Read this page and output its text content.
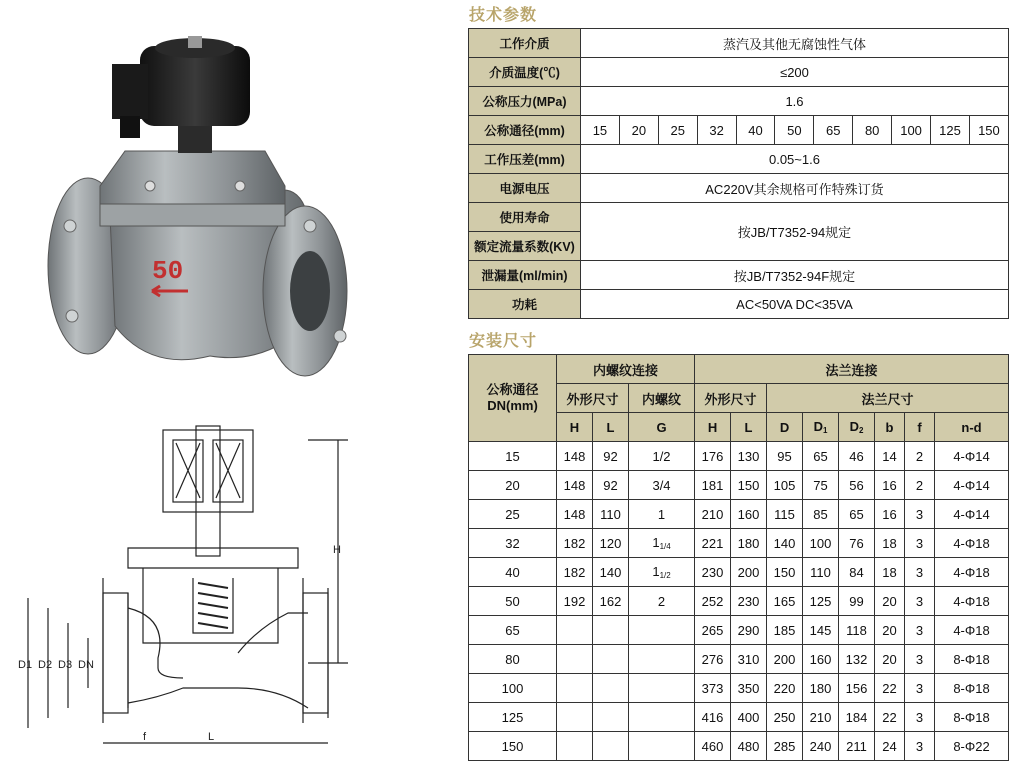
50
H
D1 D2 D3 DN
L
f
技术参数
安装尺寸
工作介质	蒸汽及其他无腐蚀性气体										
介质温度(℃)	≤200										
公称压力(MPa)	1.6										
公称通径(mm)	15	20	25	32	40	50	65	80	100	125	150
工作压差(mm)	0.05~1.6										
电源电压	AC220V其余规格可作特殊订货										
使用寿命	按JB/T7352-94规定										
额定流量系数(KV)											
泄漏量(ml/min)	按JB/T7352-94F规定										
功耗	AC<50VA DC<35VA										
公称通径DN(mm)	内螺纹连接			法兰连接							
	外形尺寸		内螺纹	外形尺寸		法兰尺寸					
	H	L	G	H	L	D	$D_1$	$D_2$	b	f	n-d
15	148	92	1/2	176	130	95	65	46	14	2	4-Φ14
20	148	92	3/4	181	150	105	75	56	16	2	4-Φ14
25	148	110	1	210	160	115	85	65	16	3	4-Φ14
32	182	120	$1_{1/4}$	221	180	140	100	76	18	3	4-Φ18
40	182	140	$1_{1/2}$	230	200	150	110	84	18	3	4-Φ18
50	192	162	2	252	230	165	125	99	20	3	4-Φ18
65				265	290	185	145	118	20	3	4-Φ18
80				276	310	200	160	132	20	3	8-Φ18
100				373	350	220	180	156	22	3	8-Φ18
125				416	400	250	210	184	22	3	8-Φ18
150				460	480	285	240	211	24	3	8-Φ22
